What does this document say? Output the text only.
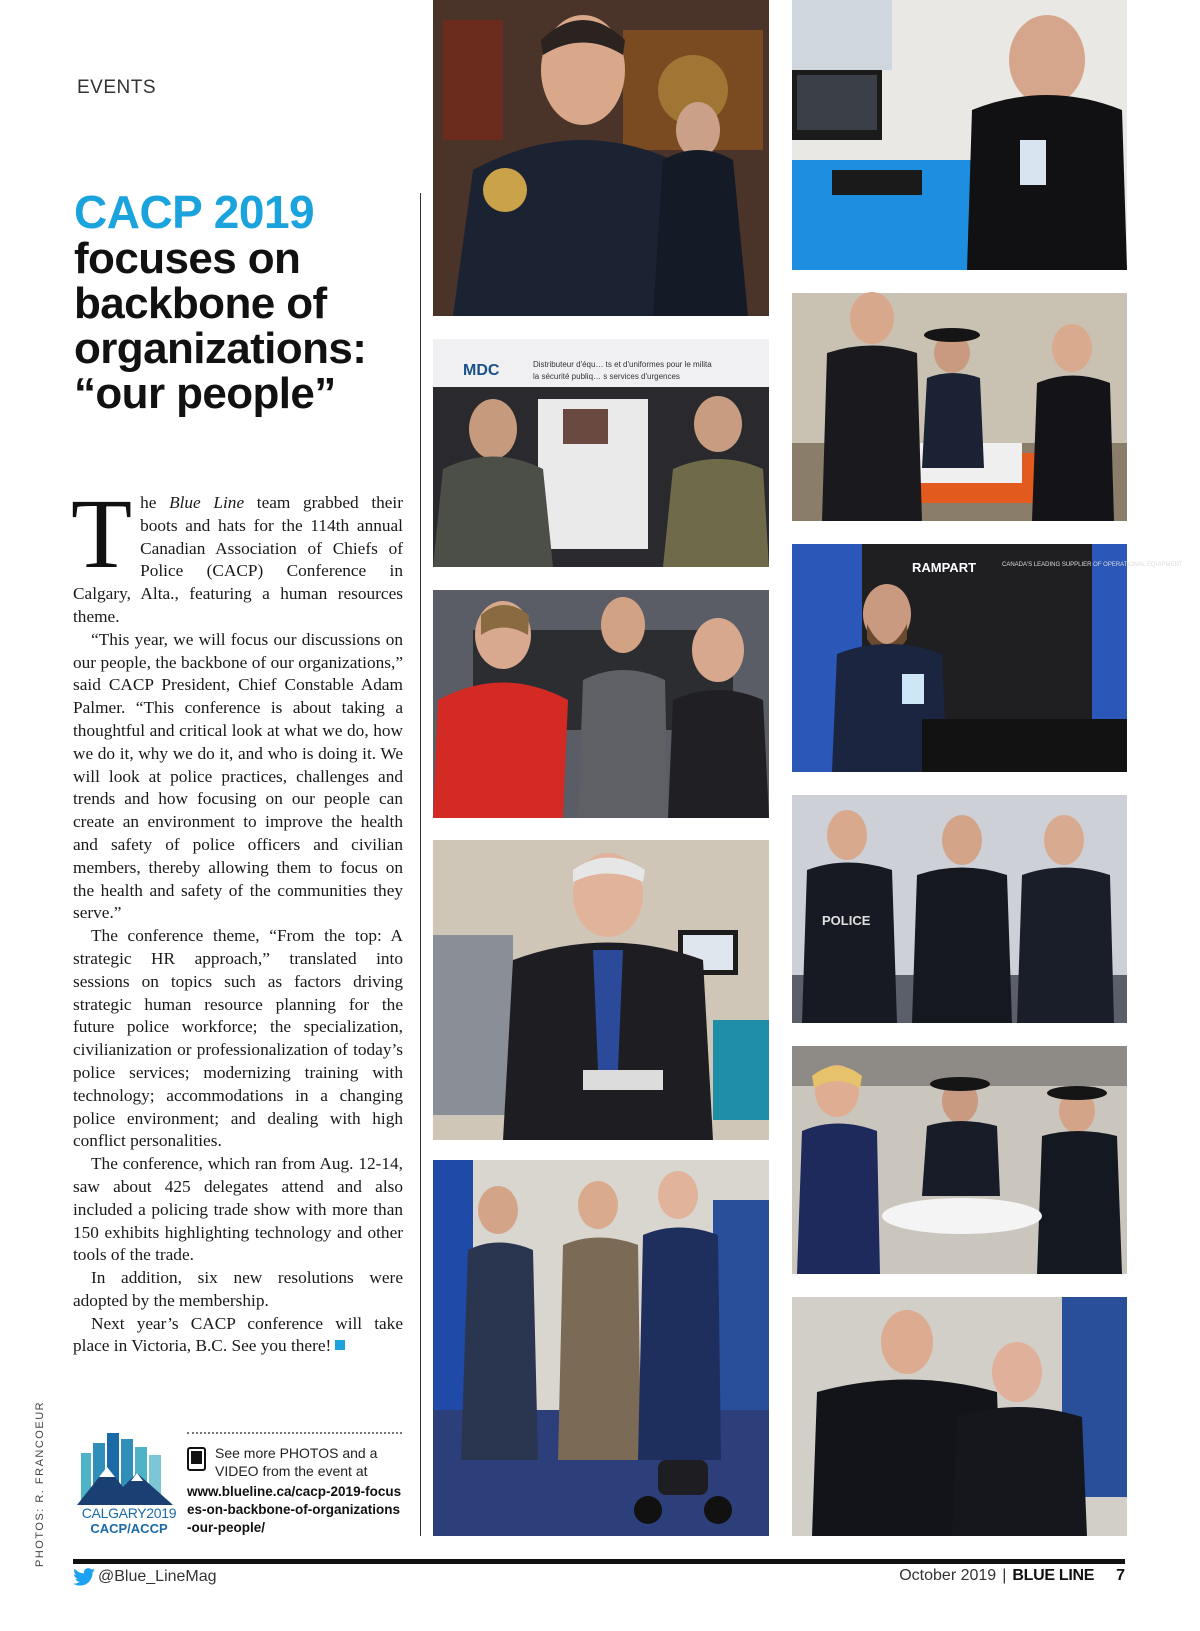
EVENTS
CACP 2019
focuses on
backbone of
organizations:
“our people”

The Blue Line team grabbed their boots and hats for the 114th annual Canadian Association of Chiefs of Police (CACP) Conference in Calgary, Alta., featuring a human resources theme.

“This year, we will focus our discussions on our people, the backbone of our organizations,” said CACP President, Chief Constable Adam Palmer. “This conference is about taking a thoughtful and critical look at what we do, how we do it, why we do it, and who is doing it. We will look at police practices, challenges and trends and how focusing on our people can create an environment to improve the health and safety of police officers and civilian members, thereby allowing them to focus on the health and safety of the communities they serve.”

The conference theme, “From the top: A strategic HR approach,” translated into sessions on topics such as factors driving strategic human resource planning for the future police workforce; the specialization, civilianization or professionalization of today’s police services; modernizing training with technology; accommodations in a changing police environment; and dealing with high conflict personalities.

The conference, which ran from Aug. 12-14, saw about 425 delegates attend and also included a policing trade show with more than 150 exhibits highlighting technology and other tools of the trade.

In addition, six new resolutions were adopted by the membership.

Next year’s CACP conference will take place in Victoria, B.C. See you there!

PHOTOS: R. FRANCOEUR	CALGARY2019
CACP/ACCP
See more PHOTOS and a VIDEO from the event at
www.blueline.ca/cacp-2019-focuses-on-backbone-of-organizations-our-people/
MDC	Distributeur d'équ… ts et d'uniformes pour le milita
la sécurité publiq… s services d'urgences
RAMPART	CANADA'S LEADING SUPPLIER OF OPERATIONAL EQUIPMENT
POLICE
@Blue_LineMag	October 2019 | BLUE LINE 7
